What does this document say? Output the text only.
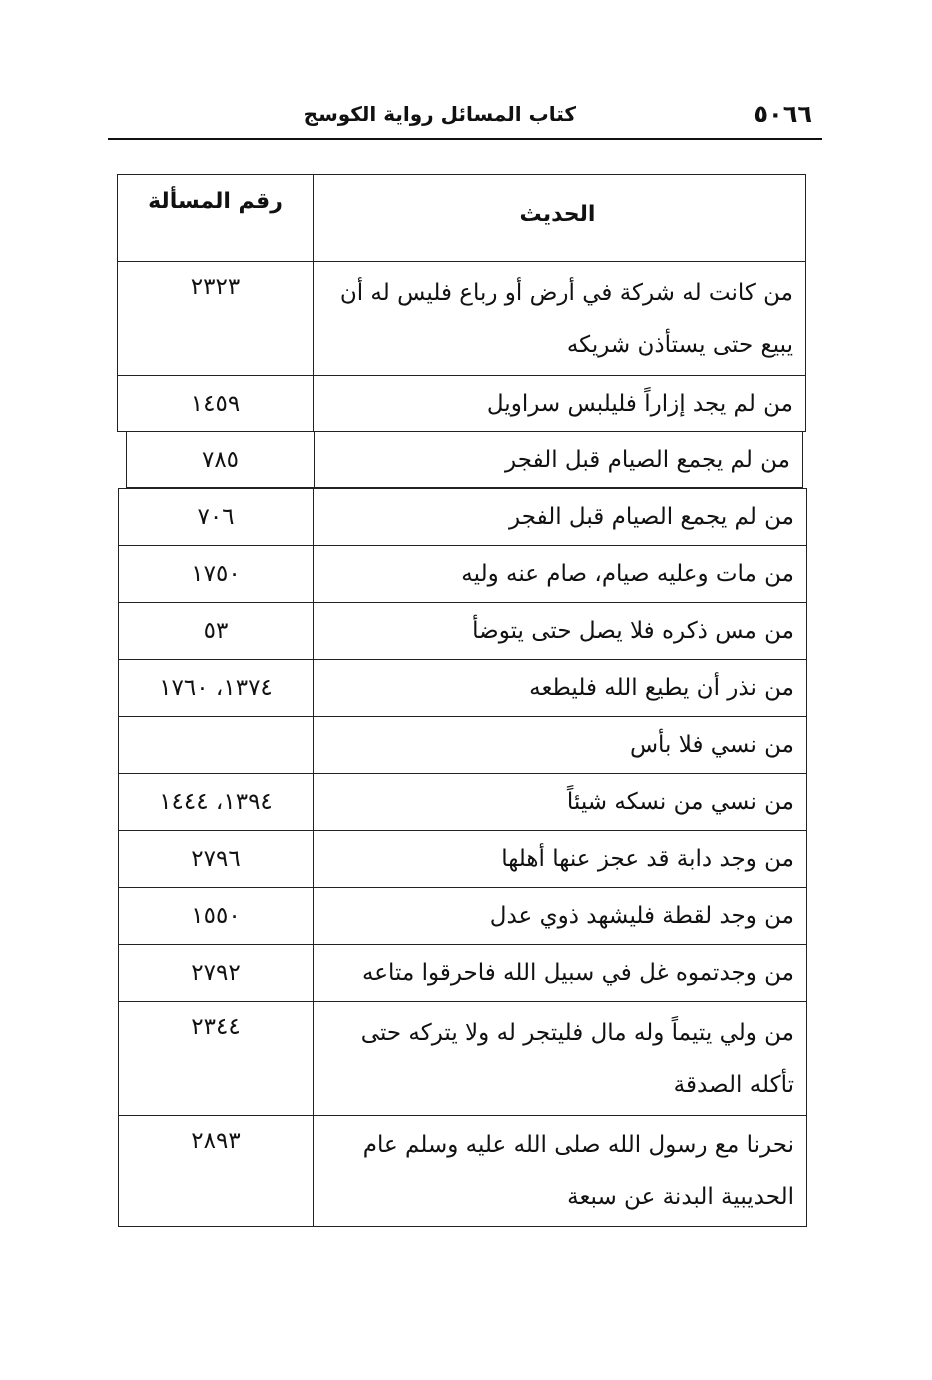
٥٠٦٦
كتاب المسائل رواية الكوسج
الحديث	رقم المسألة
من كانت له شركة في أرض أو رباع فليس له أن يبيع حتى يستأذن شريكه	٢٣٢٣
من لم يجد إزاراً فليلبس سراويل	١٤٥٩
من لم يجمع الصيام قبل الفجر	٧٨٥
من لم يجمع الصيام قبل الفجر	٧٠٦
من مات وعليه صيام، صام عنه وليه	١٧٥٠
من مس ذكره فلا يصل حتى يتوضأ	٥٣
من نذر أن يطيع الله فليطعه	١٣٧٤، ١٧٦٠
من نسي فلا بأس	
من نسي من نسكه شيئاً	١٣٩٤، ١٤٤٤
من وجد دابة قد عجز عنها أهلها	٢٧٩٦
من وجد لقطة فليشهد ذوي عدل	١٥٥٠
من وجدتموه غل في سبيل الله فاحرقوا متاعه	٢٧٩٢
من ولي يتيماً وله مال فليتجر له ولا يتركه حتى تأكله الصدقة	٢٣٤٤
نحرنا مع رسول الله صلى الله عليه وسلم عام الحديبية البدنة عن سبعة	٢٨٩٣
